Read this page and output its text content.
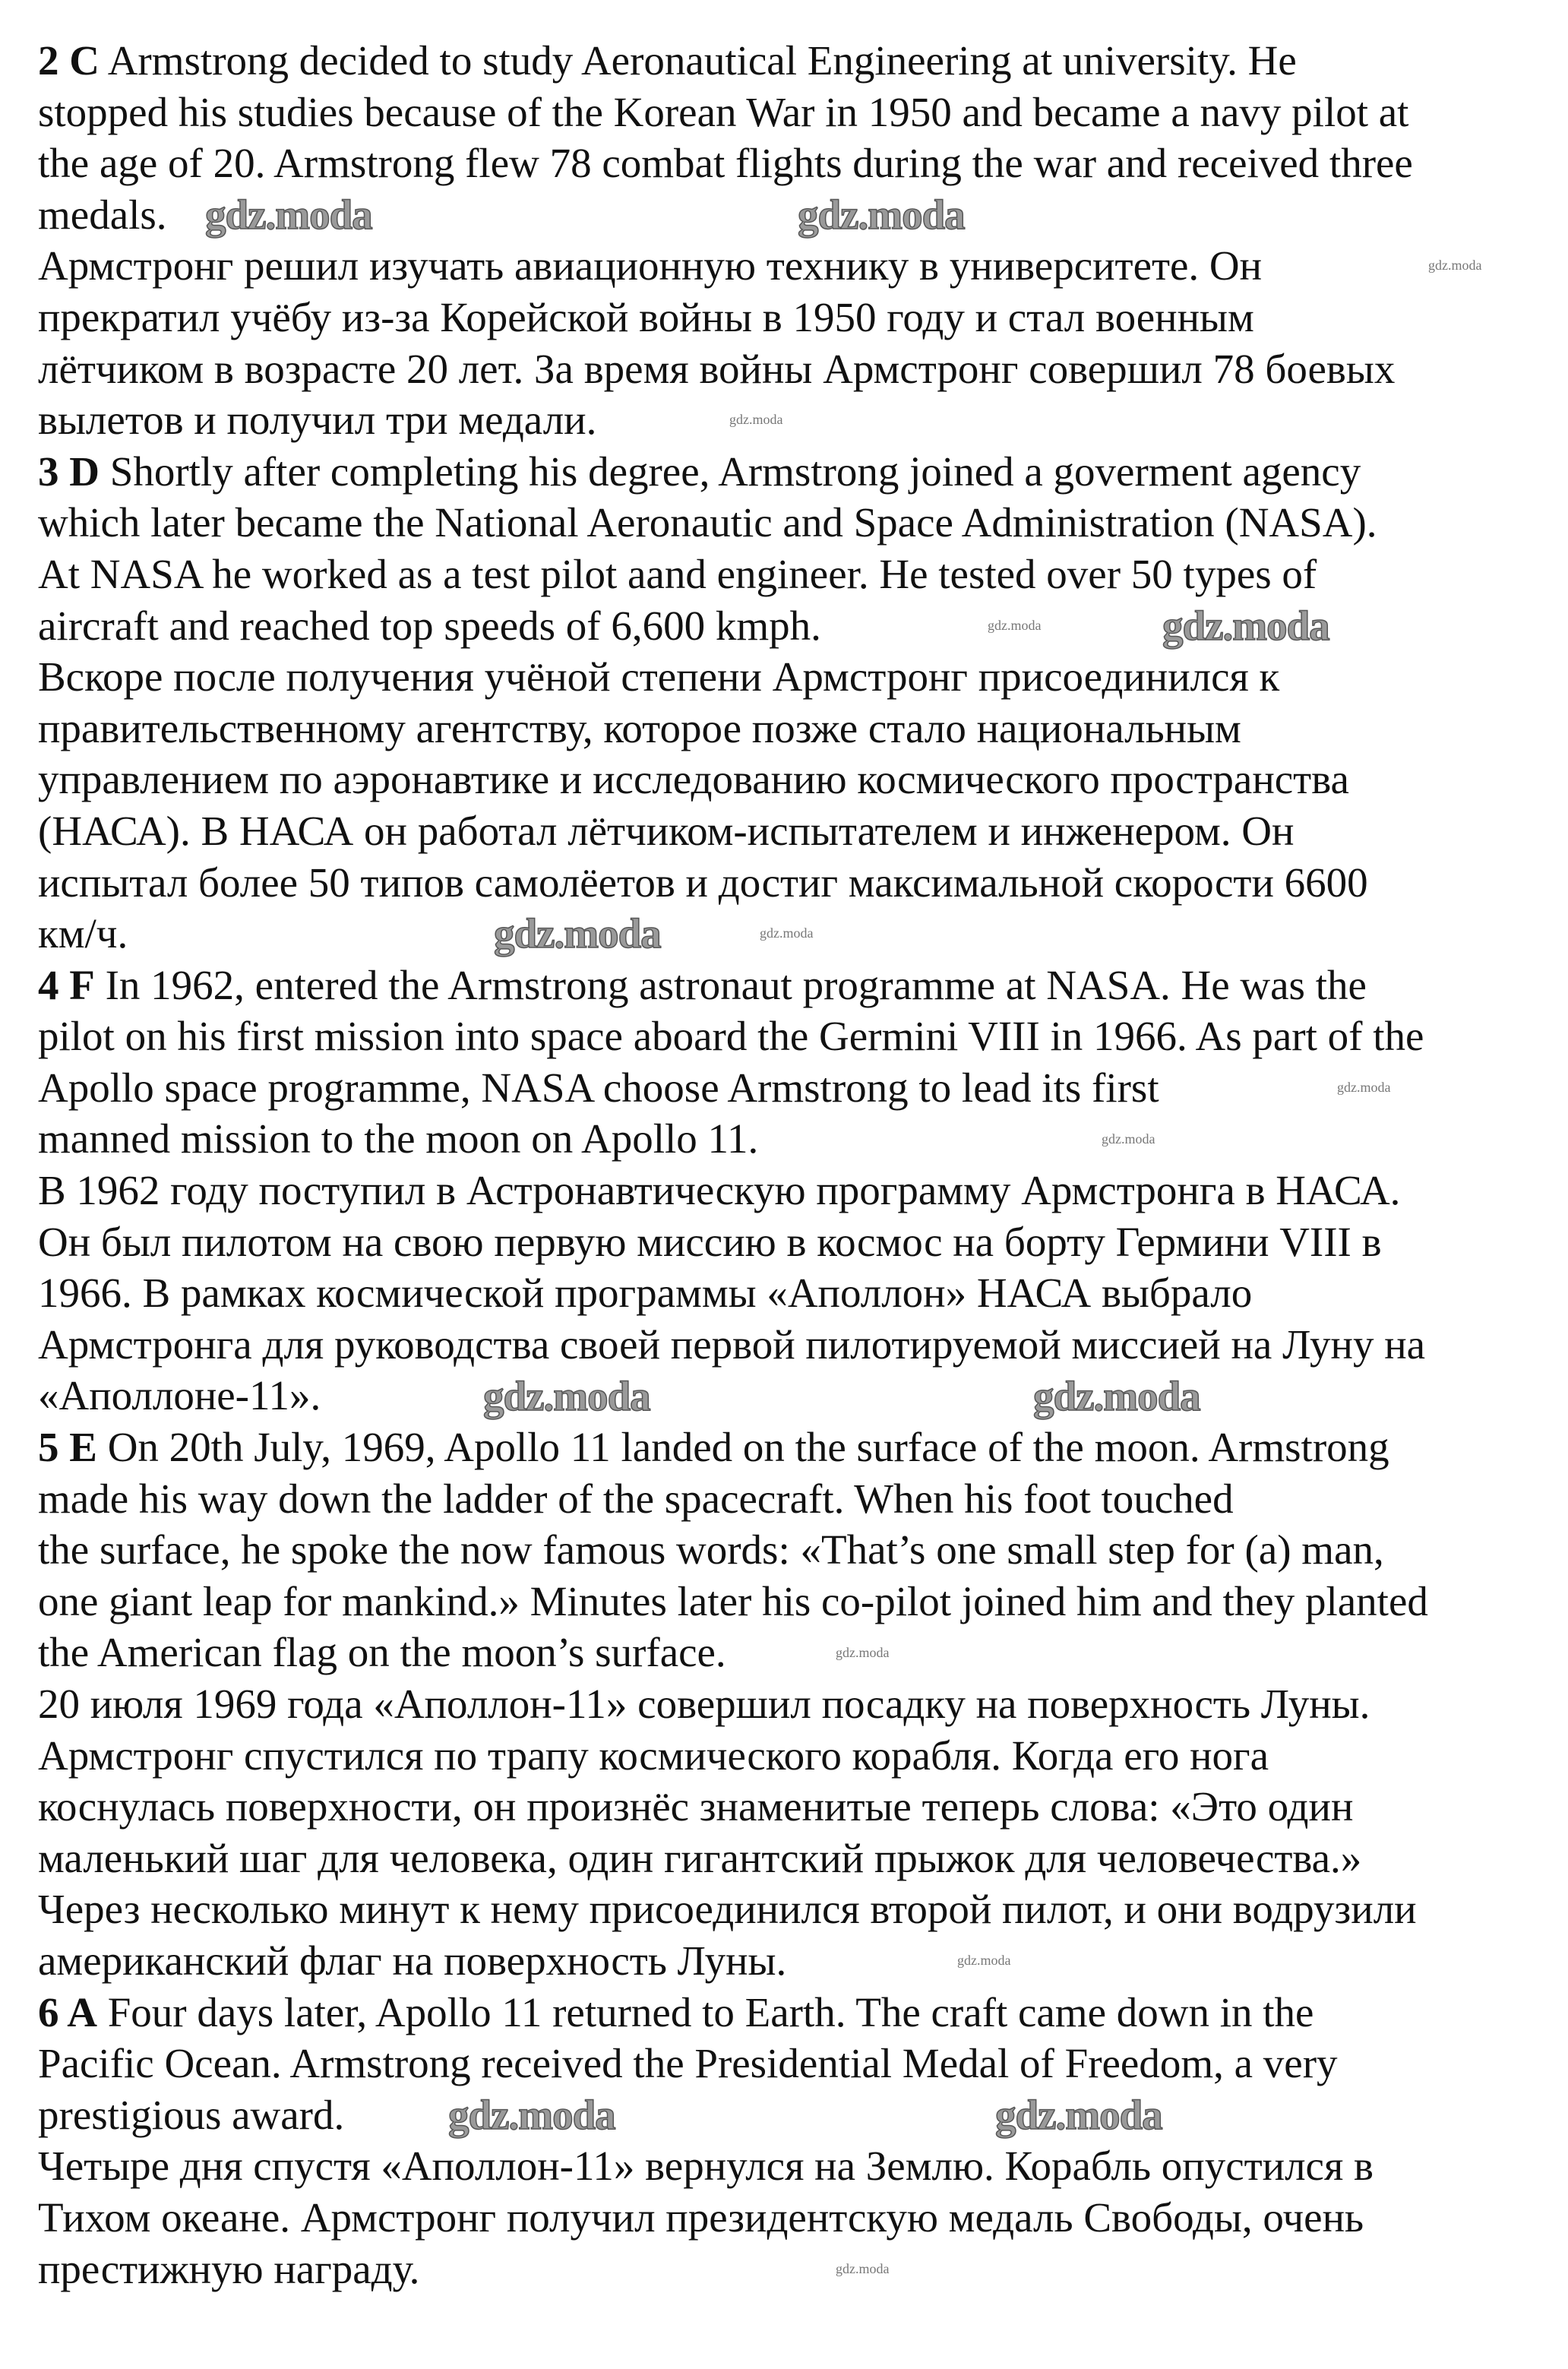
2 C Armstrong decided to study Aeronautical Engineering at university. He
stopped his studies because of the Korean War in 1950 and became a navy pilot at
the age of 20. Armstrong flew 78 combat flights during the war and received three
medals.
Армстронг решил изучать авиационную технику в университете. Он
прекратил учёбу из-за Корейской войны в 1950 году и стал военным
лётчиком в возрасте 20 лет. За время войны Армстронг совершил 78 боевых
вылетов и получил три медали.
3 D Shortly after completing his degree, Armstrong joined a goverment agency
which later became the National Aeronautic and Space Administration (NASA).
At NASA he worked as a test pilot aand engineer. He tested over 50 types of
aircraft and reached top speeds of 6,600 kmph.
Вскоре после получения учёной степени Армстронг присоединился к
правительственному агентству, которое позже стало национальным
управлением по аэронавтике и исследованию космического пространства
(НАСА). В НАСА он работал лётчиком-испытателем и инженером. Он
испытал более 50 типов самолёетов и достиг максимальной скорости 6600
км/ч.
4 F In 1962, entered the Armstrong astronaut programme at NASA. He was the
pilot on his first mission into space aboard the Germini VIII in 1966. As part of the
Apollo space programme, NASA choose Armstrong to lead its first
manned mission to the moon on Apollo 11.
В 1962 году поступил в Астронавтическую программу Армстронга в НАСА.
Он был пилотом на свою первую миссию в космос на борту Гермини VIII в
1966. В рамках космической программы «Аполлон» НАСА выбрало
Армстронга для руководства своей первой пилотируемой миссией на Луну на
«Аполлоне-11».
5 E On 20th July, 1969, Apollo 11 landed on the surface of the moon. Armstrong
made his way down the ladder of the spacecraft. When his foot touched
the surface, he spoke the now famous words: «That’s one small step for (a) man,
one giant leap for mankind.» Minutes later his co-pilot joined him and they planted
the American flag on the moon’s surface.
20 июля 1969 года «Аполлон-11» совершил посадку на поверхность Луны.
Армстронг спустился по трапу космического корабля. Когда его нога
коснулась поверхности, он произнёс знаменитые теперь слова: «Это один
маленький шаг для человека, один гигантский прыжок для человечества.»
Через несколько минут к нему присоединился второй пилот, и они водрузили
американский флаг на поверхность Луны.
6 A Four days later, Apollo 11 returned to Earth. The craft came down in the
Pacific Ocean. Armstrong received the Presidential Medal of Freedom, a very
prestigious award.
Четыре дня спустя «Аполлон-11» вернулся на Землю. Корабль опустился в
Тихом океане. Армстронг получил президентскую медаль Свободы, очень
престижную награду.
gdz.moda	gdz.moda
gdz.moda
gdz.moda
gdz.moda	gdz.moda
gdz.moda	gdz.moda
gdz.moda
gdz.moda
gdz.moda
gdz.moda
gdz.moda
gdz.moda
gdz.moda
gdz.moda
gdz.moda
